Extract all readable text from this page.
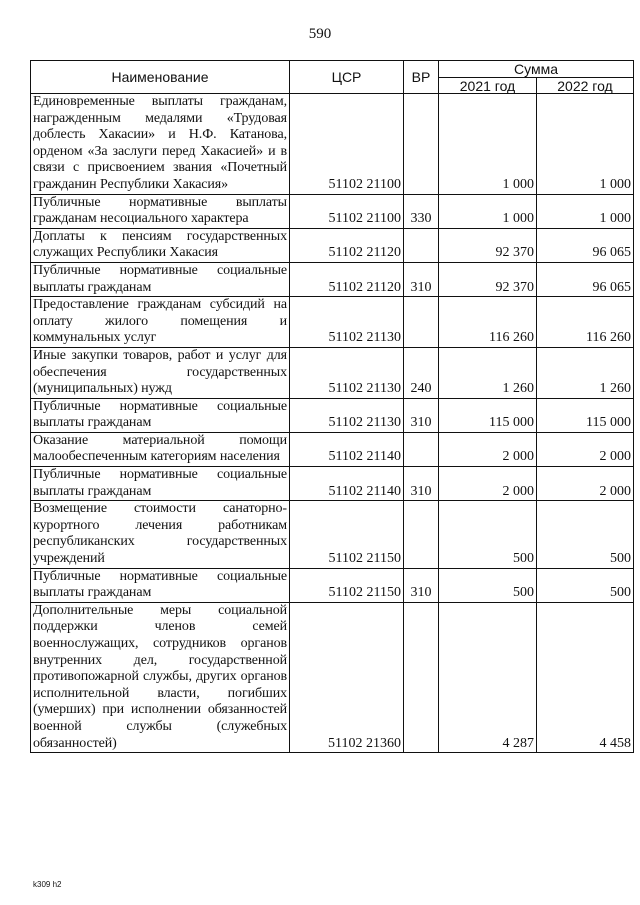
590
Наименование	ЦСР	ВР	Сумма	
			2021 год	2022 год
Единовременные выплаты гражданам, награжденным медалями «Трудовая доблесть Хакасии» и Н.Ф. Катанова, орденом «За заслуги перед Хакасией» и в связи с присвоением звания «Почетный гражданин Республики Хакасия»	51102 21100		1 000	1 000
Публичные нормативные выплаты гражданам несоциального характера	51102 21100	330	1 000	1 000
Доплаты к пенсиям государственных служащих Республики Хакасия	51102 21120		92 370	96 065
Публичные нормативные социальные выплаты гражданам	51102 21120	310	92 370	96 065
Предоставление гражданам субсидий на оплату жилого помещения и коммунальных услуг	51102 21130		116 260	116 260
Иные закупки товаров, работ и услуг для обеспечения государственных (муниципальных) нужд	51102 21130	240	1 260	1 260
Публичные нормативные социальные выплаты гражданам	51102 21130	310	115 000	115 000
Оказание материальной помощи малообеспеченным категориям населения	51102 21140		2 000	2 000
Публичные нормативные социальные выплаты гражданам	51102 21140	310	2 000	2 000
Возмещение стоимости санаторно-курортного лечения работникам республиканских государственных учреждений	51102 21150		500	500
Публичные нормативные социальные выплаты гражданам	51102 21150	310	500	500
Дополнительные меры социальной поддержки членов семей военнослужащих, сотрудников органов внутренних дел, государственной противопожарной службы, других органов исполнительной власти, погибших (умерших) при исполнении обязанностей военной службы (служебных обязанностей)	51102 21360		4 287	4 458
k309 h2
